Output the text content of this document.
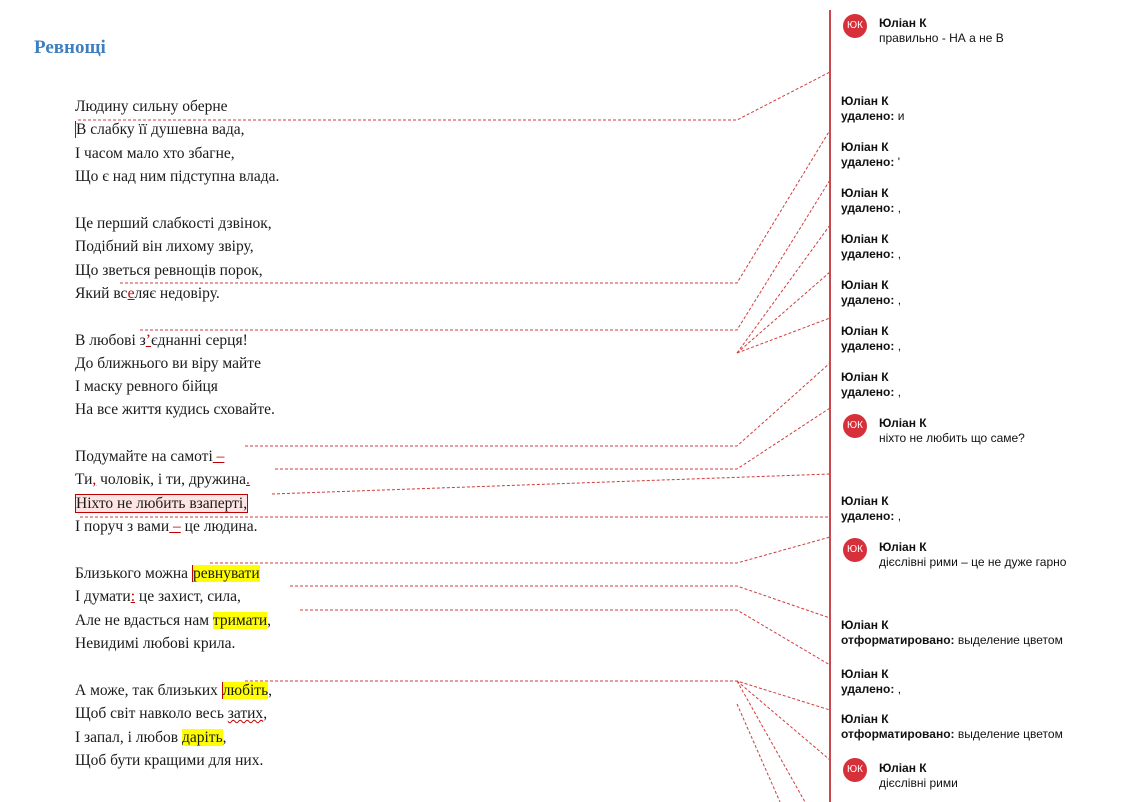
Ревнощі
Людину сильну оберне
В слабку її душевна вада,
І часом мало хто збагне,
Що є над ним підступна влада.
Це перший слабкості дзвінок,
Подібний він лихому звіру,
Що зветься ревнощів порок,
Який вселяє недовіру.
В любові з’єднанні серця!
До ближнього ви віру майте
І маску ревного бійця
На все життя кудись сховайте.
Подумайте на самоті –
Ти, чоловік, і ти, дружина.
Ніхто не любить взаперті,
І поруч з вами – це людина.
Близького можна ревнувати
І думати: це захист, сила,
Але не вдасться нам тримати,
Невидимі любові крила.
А може, так близьких любіть,
Щоб світ навколо весь затих,
І запал, і любов даріть,
Щоб бути кращими для них.
ЮК	Юліан К
правильно - НА а не В
Юліан К
удалено: и
Юліан К
удалено: '
Юліан К
удалено: ,
Юліан К
удалено: ,
Юліан К
удалено: ,
Юліан К
удалено: ,
Юліан К
удалено: ,
ЮК	Юліан К
ніхто не любить що саме?
Юліан К
удалено: ,
ЮК	Юліан К
дієслівні рими – це не дуже гарно
Юліан К
отформатировано: выделение цветом
Юліан К
удалено: ,
Юліан К
отформатировано: выделение цветом
ЮК	Юліан К
дієслівні рими
